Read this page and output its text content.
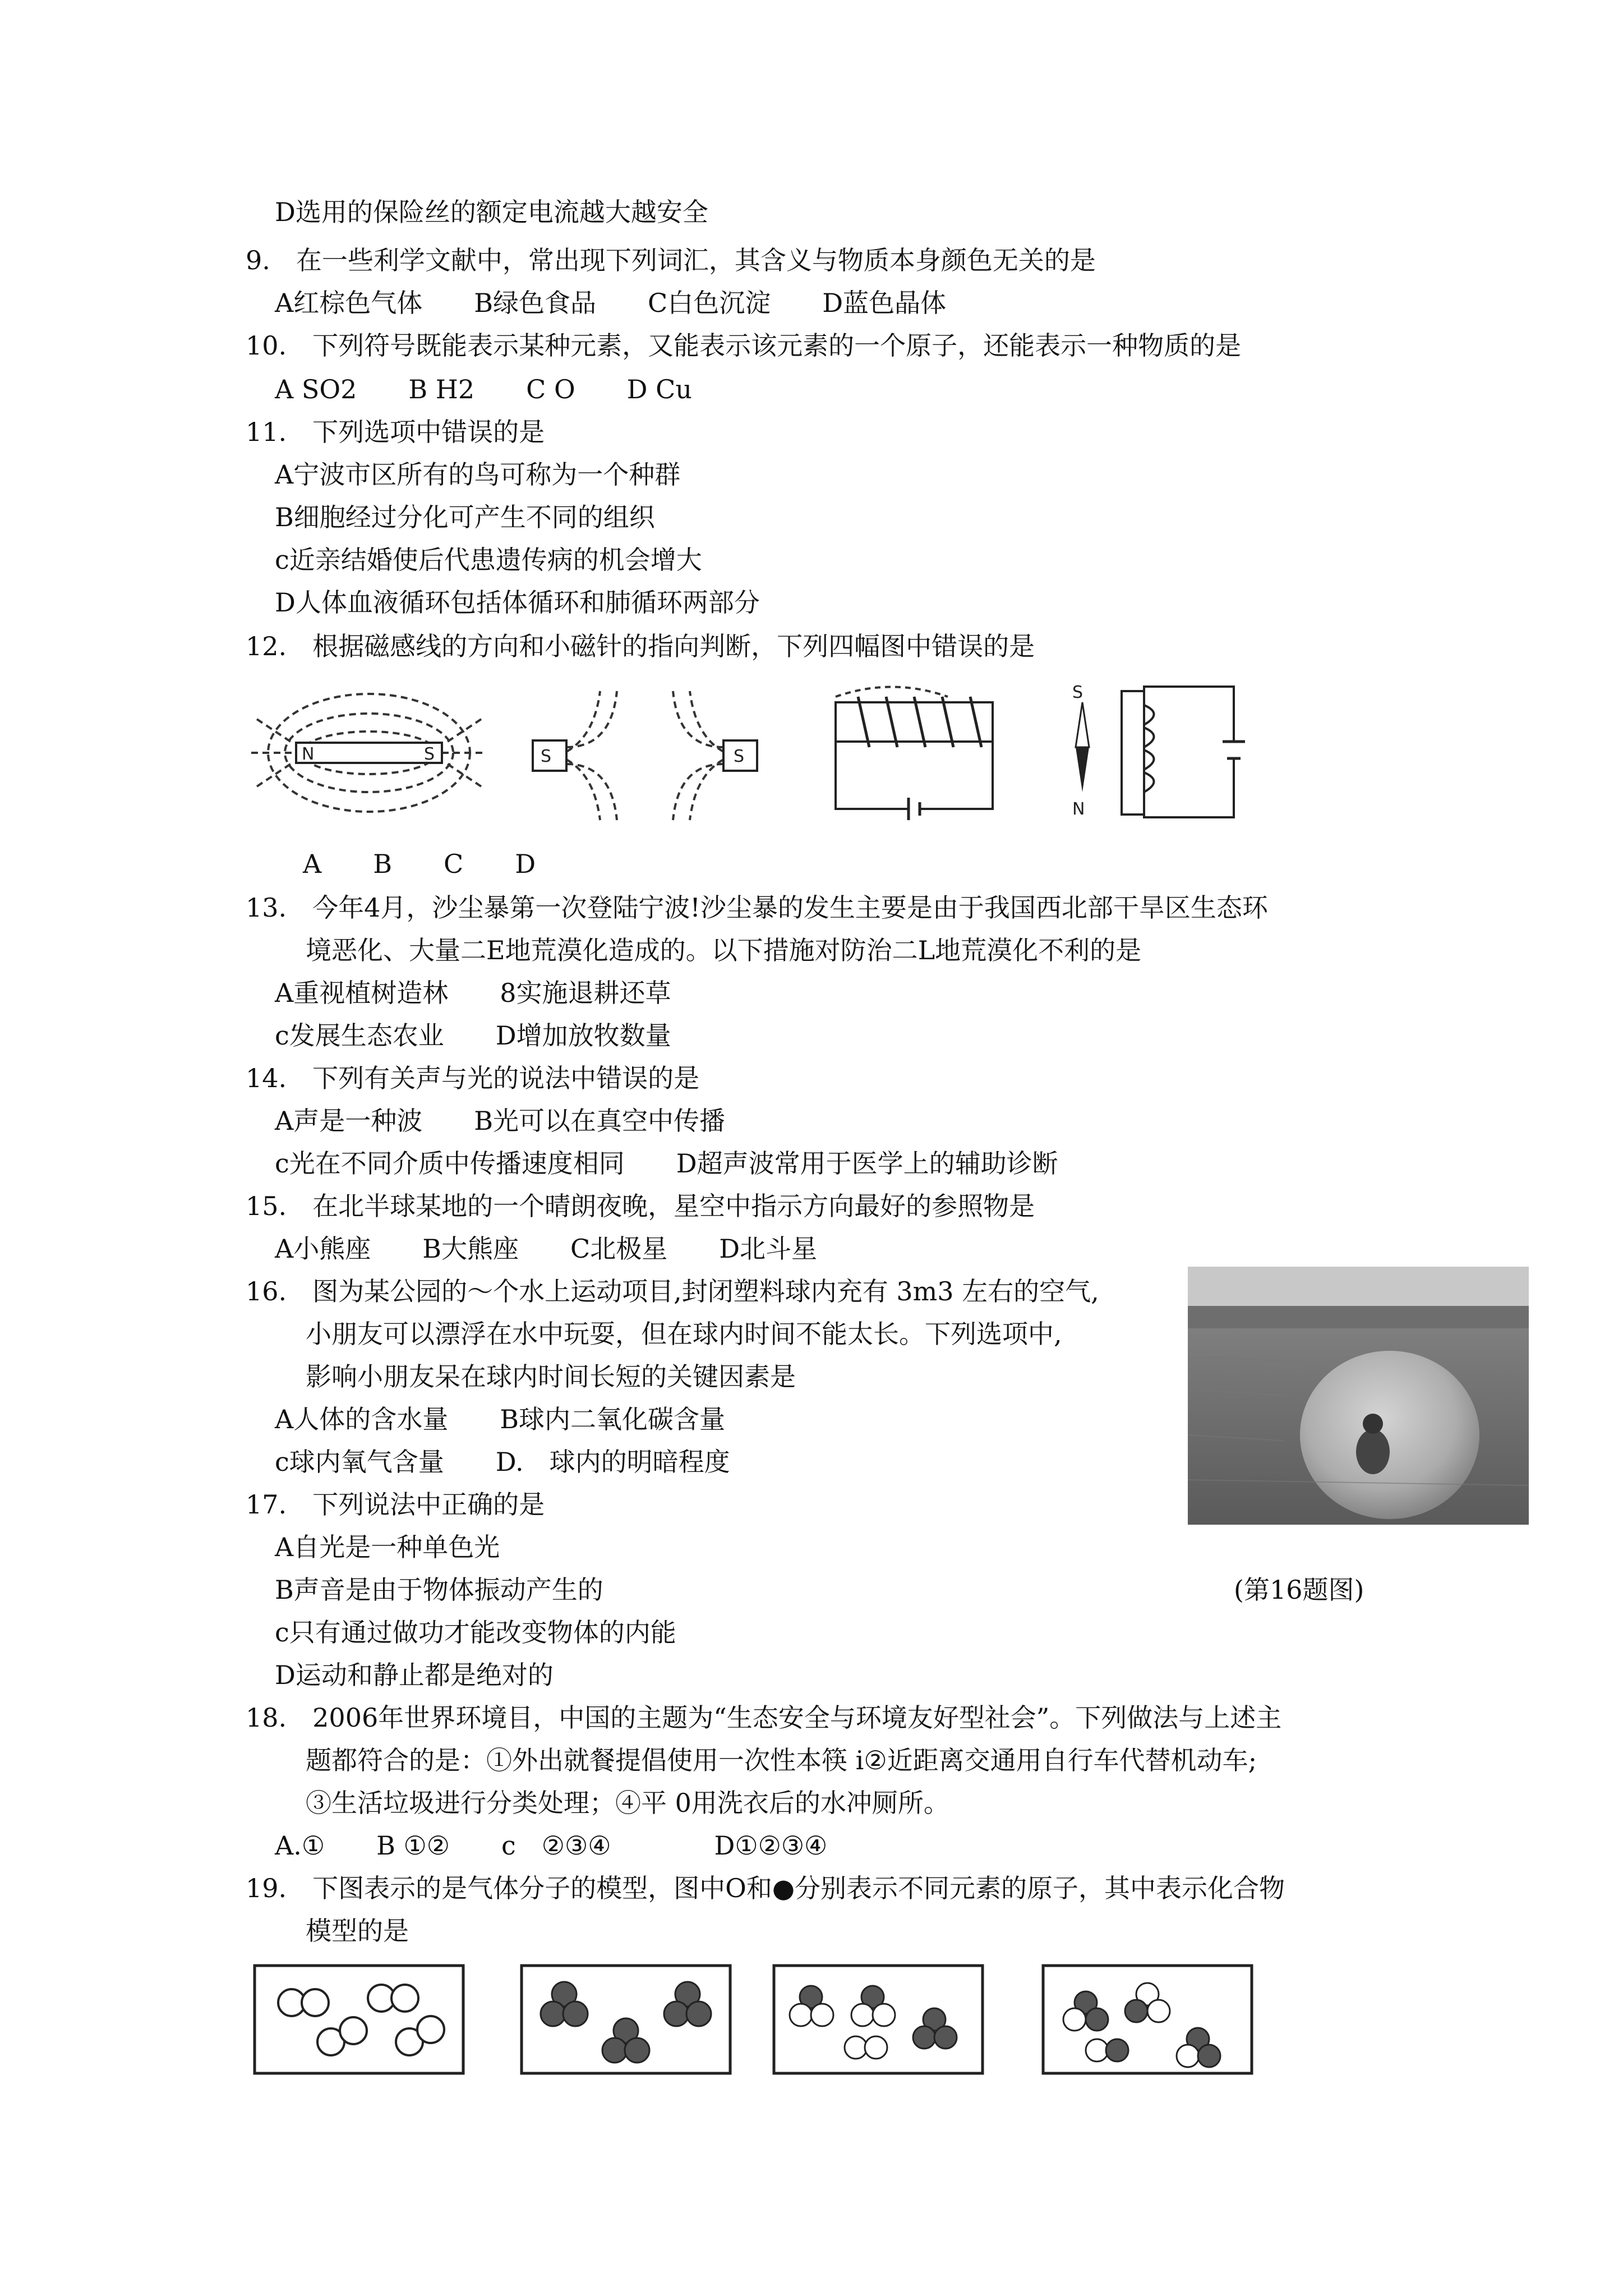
D选用的保险丝的额定电流越大越安全
9.　在一些利学文献中，常出现下列词汇，其含义与物质本身颜色无关的是
A红棕色气体　　B绿色食品　　C白色沉淀　　D蓝色晶体
10.　下列符号既能表示某种元素，又能表示该元素的一个原子，还能表示一种物质的是
A SO2　　B H2　　C O　　D Cu
11.　下列选项中错误的是
A宁波市区所有的鸟可称为一个种群
B细胞经过分化可产生不同的组织
c近亲结婚使后代患遗传病的机会增大
D人体血液循环包括体循环和肺循环两部分
12.　根据磁感线的方向和小磁针的指向判断，下列四幅图中错误的是
N	S	S	S
S
N
A　　B　　C　　D
13.　今年4月，沙尘暴第一次登陆宁波!沙尘暴的发生主要是由于我国西北部干旱区生态环
境恶化、大量二E地荒漠化造成的。以下措施对防治二L地荒漠化不利的是
A重视植树造林　　8实施退耕还草
c发展生态农业　　D增加放牧数量
14.　下列有关声与光的说法中错误的是
A声是一种波　　B光可以在真空中传播
c光在不同介质中传播速度相同　　D超声波常用于医学上的辅助诊断
15.　在北半球某地的一个晴朗夜晚，星空中指示方向最好的参照物是
A小熊座　　B大熊座　　C北极星　　D北斗星
16.　图为某公园的～个水上运动项目,封闭塑料球内充有 3m3 左右的空气,
小朋友可以漂浮在水中玩耍，但在球内时间不能太长。下列选项中,
影响小朋友呆在球内时间长短的关键因素是
A人体的含水量　　B球内二氧化碳含量
c球内氧气含量　　D.　球内的明暗程度
17.　下列说法中正确的是
A自光是一种单色光
B声音是由于物体振动产生的	(第16题图)
c只有通过做功才能改变物体的内能
D运动和静止都是绝对的
18.　2006年世界环境目，中国的主题为“生态安全与环境友好型社会”。下列做法与上述主
题都符合的是：①外出就餐提倡使用一次性本筷 i②近距离交通用自行车代替机动车;
③生活垃圾进行分类处理；④平 0用洗衣后的水冲厕所。
A.①　　B ①②　　c　②③④　　　　D①②③④
19.　下图表示的是气体分子的模型，图中O和●分别表示不同元素的原子，其中表示化合物
模型的是
